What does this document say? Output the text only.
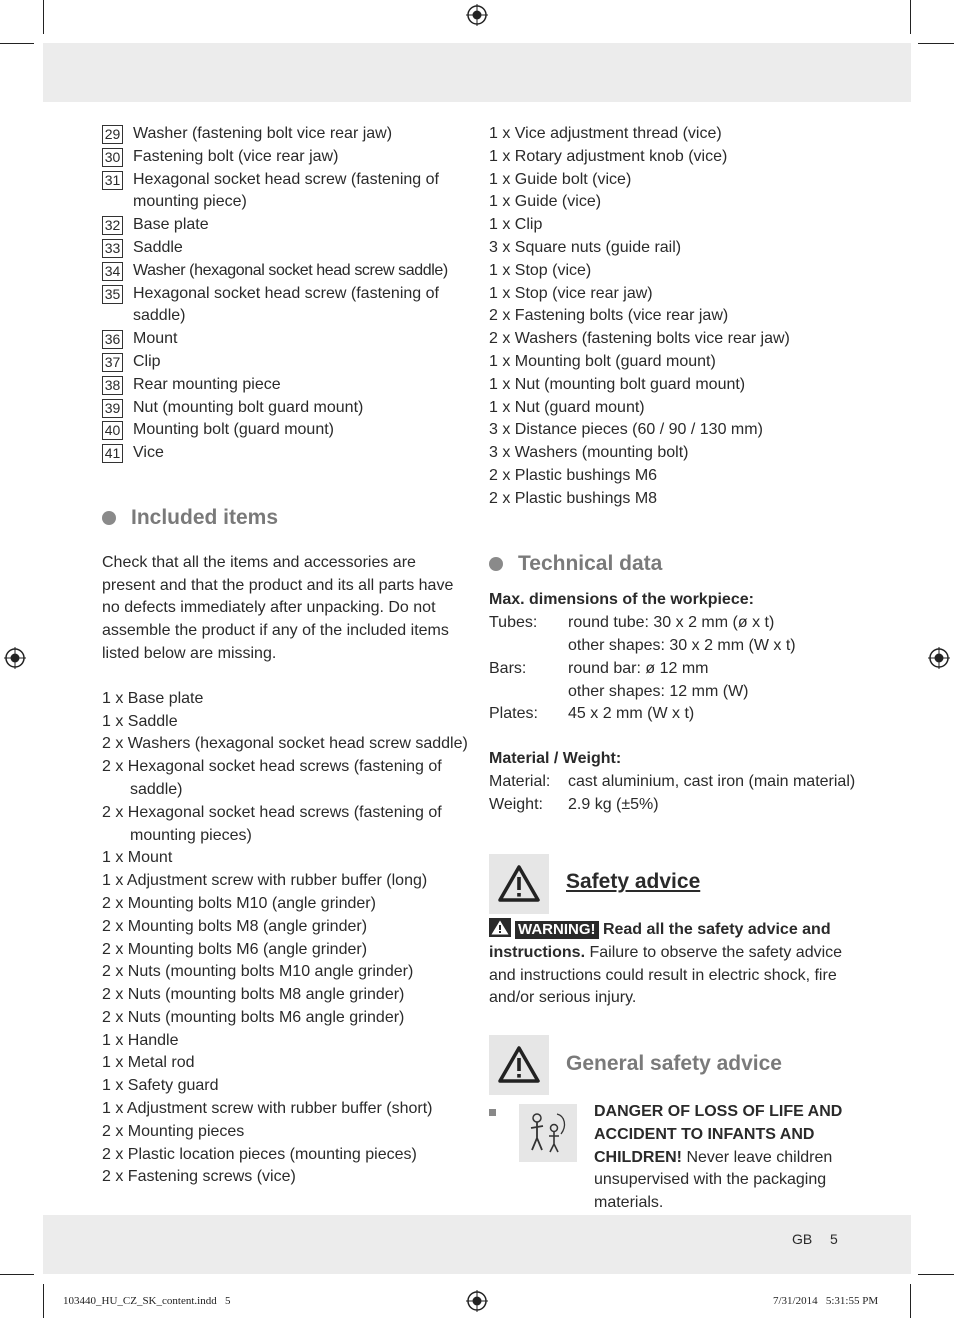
29 Washer (fastening bolt vice rear jaw)
30 Fastening bolt (vice rear jaw)
31 Hexagonal socket head screw (fastening of mounting piece)
32 Base plate
33 Saddle
34 Washer (hexagonal socket head screw saddle)
35 Hexagonal socket head screw (fastening of saddle)
36 Mount
37 Clip
38 Rear mounting piece
39 Nut (mounting bolt guard mount)
40 Mounting bolt (guard mount)
41 Vice
Included items
Check that all the items and accessories are present and that the product and its all parts have no defects immediately after unpacking. Do not assemble the product if any of the included items listed below are missing.
1 x Base plate
1 x Saddle
2 x Washers (hexagonal socket head screw saddle)
2 x Hexagonal socket head screws (fastening of saddle)
2 x Hexagonal socket head screws (fastening of mounting pieces)
1 x Mount
1 x Adjustment screw with rubber buffer (long)
2 x Mounting bolts M10 (angle grinder)
2 x Mounting bolts M8 (angle grinder)
2 x Mounting bolts M6 (angle grinder)
2 x Nuts (mounting bolts M10 angle grinder)
2 x Nuts (mounting bolts M8 angle grinder)
2 x Nuts (mounting bolts M6 angle grinder)
1 x Handle
1 x Metal rod
1 x Safety guard
1 x Adjustment screw with rubber buffer (short)
2 x Mounting pieces
2 x Plastic location pieces (mounting pieces)
2 x Fastening screws (vice)
1 x Vice adjustment thread (vice)
1 x Rotary adjustment knob (vice)
1 x Guide bolt (vice)
1 x Guide (vice)
1 x Clip
3 x Square nuts (guide rail)
1 x Stop (vice)
1 x Stop (vice rear jaw)
2 x Fastening bolts (vice rear jaw)
2 x Washers (fastening bolts vice rear jaw)
1 x Mounting bolt (guard mount)
1 x Nut (mounting bolt guard mount)
1 x Nut (guard mount)
3 x Distance pieces (60 / 90 / 130 mm)
3 x Washers (mounting bolt)
2 x Plastic bushings M6
2 x Plastic bushings M8
Technical data
Max. dimensions of the workpiece:
Tubes:	round tube: 30 x 2 mm (ø x t)
other shapes: 30 x 2 mm (W x t)
Bars:	round bar: ø 12 mm
other shapes: 12 mm (W)
Plates:	45 x 2 mm (W x t)
Material / Weight:
Material:	cast aluminium, cast iron (main material)
Weight:	2.9 kg (±5%)
Safety advice
WARNING! Read all the safety advice and instructions. Failure to observe the safety advice and instructions could result in electric shock, fire and/or serious injury.
General safety advice
DANGER OF LOSS OF LIFE AND ACCIDENT TO INFANTS AND CHILDREN! Never leave children unsupervised with the packaging materials.
GB 5
103440_HU_CZ_SK_content.indd   5	7/31/2014   5:31:55 PM
